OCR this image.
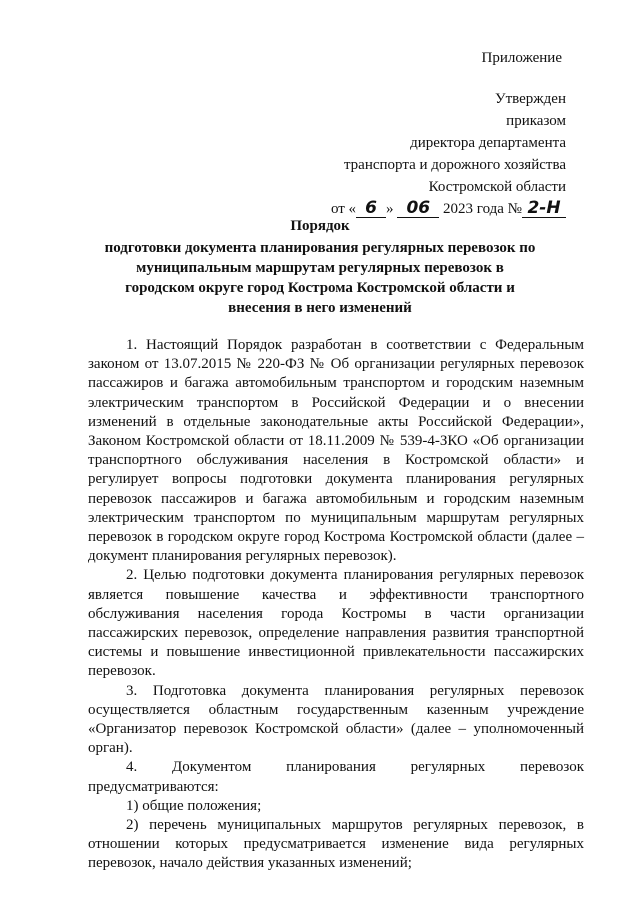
Приложение
Утвержден
приказом
директора департамента
транспорта и дорожного хозяйства
Костромской области
от « 6 » 06 2023 года № 2-Н
Порядок
подготовки документа планирования регулярных перевозок по муниципальным маршрутам регулярных перевозок в городском округе город Кострома Костромской области и внесения в него изменений

1. Настоящий Порядок разработан в соответствии с Федеральным законом от 13.07.2015 № 220-ФЗ № Об организации регулярных перевозок пассажиров и багажа автомобильным транспортом и городским наземным электрическим транспортом в Российской Федерации и о внесении изменений в отдельные законодательные акты Российской Федерации», Законом Костромской области от 18.11.2009 № 539-4-ЗКО «Об организации транспортного обслуживания населения в Костромской области» и регулирует вопросы подготовки документа планирования регулярных перевозок пассажиров и багажа автомобильным и городским наземным электрическим транспортом по муниципальным маршрутам регулярных перевозок в городском округе город Кострома Костромской области (далее – документ планирования регулярных перевозок).

2. Целью подготовки документа планирования регулярных перевозок является повышение качества и эффективности транспортного обслуживания населения города Костромы в части организации пассажирских перевозок, определение направления развития транспортной системы и повышение инвестиционной привлекательности пассажирских перевозок.

3. Подготовка документа планирования регулярных перевозок осуществляется областным государственным казенным учреждение «Организатор перевозок Костромской области» (далее – уполномоченный орган).

4. Документом планирования регулярных перевозок предусматриваются:

1) общие положения;

2) перечень муниципальных маршрутов регулярных перевозок, в отношении которых предусматривается изменение вида регулярных перевозок, начало действия указанных изменений;
